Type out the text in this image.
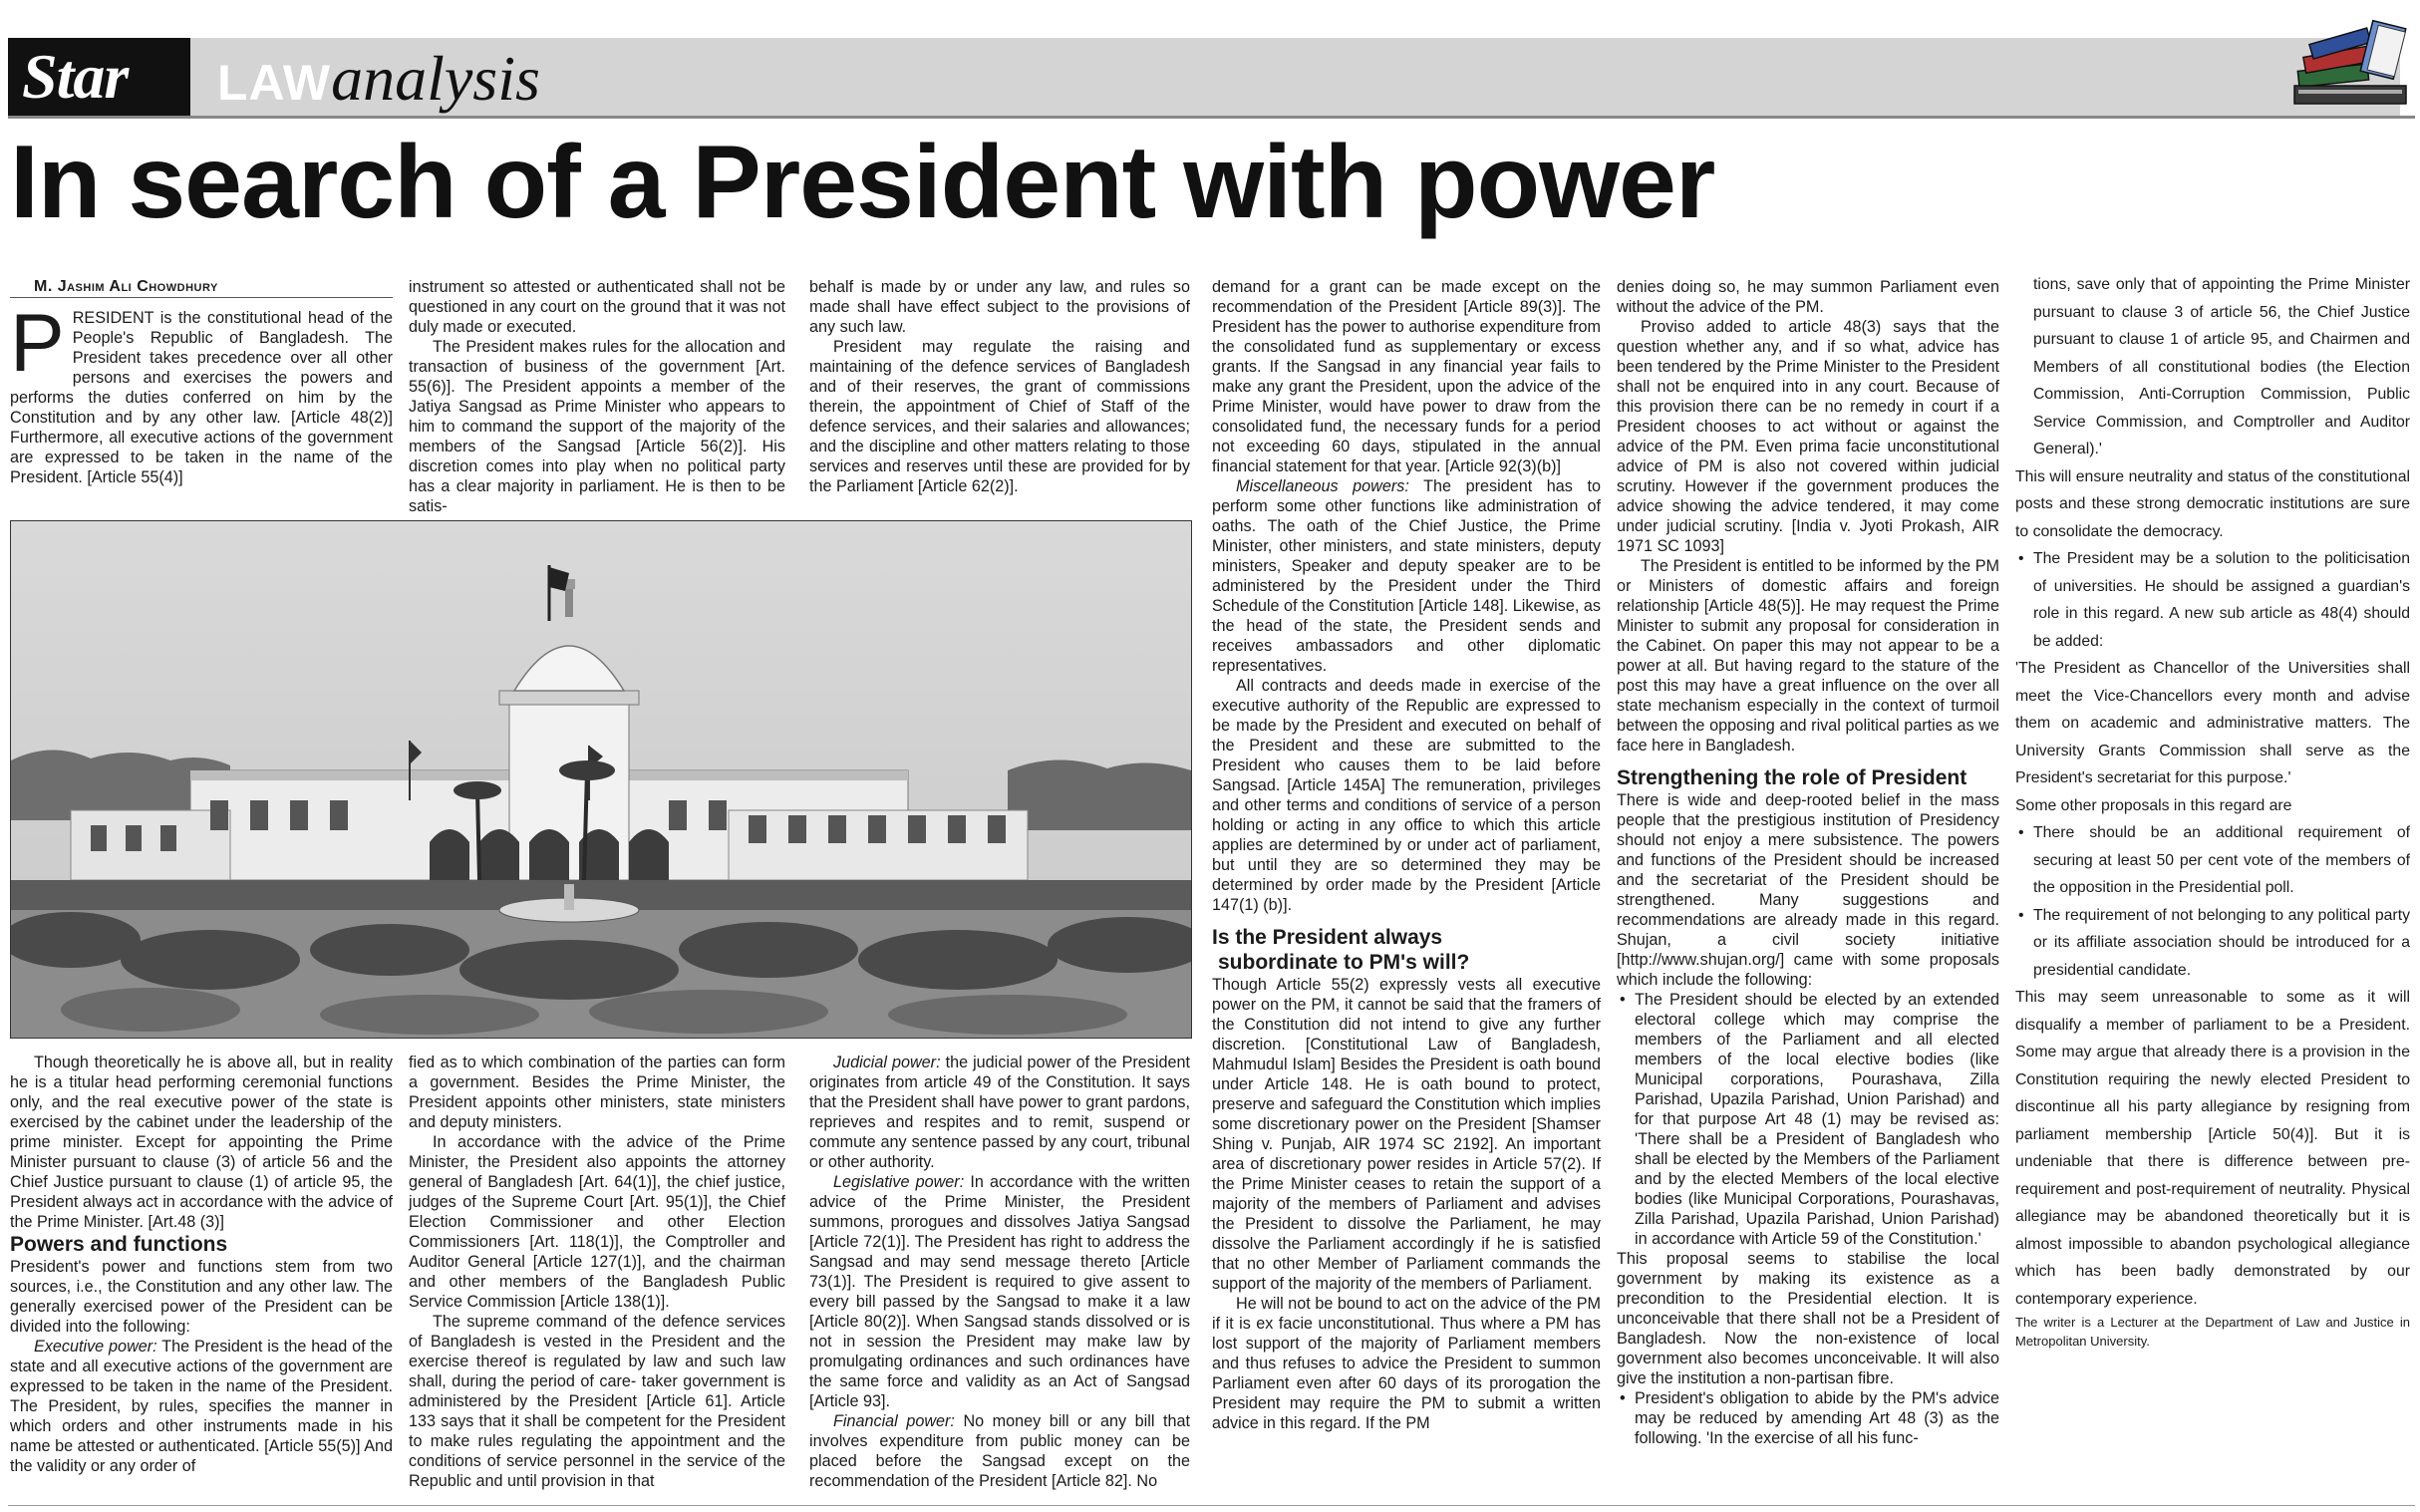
Star LAW analysis
In search of a President with power

M. Jashim Ali Chowdhury

PRESIDENT is the constitutional head of the People's Republic of Bangladesh. The President takes precedence over all other persons and exercises the powers and performs the duties conferred on him by the Constitution and by any other law. [Article 48(2)] Furthermore, all executive actions of the government are expressed to be taken in the name of the President. [Article 55(4)]

instrument so attested or authenticated shall not be questioned in any court on the ground that it was not duly made or executed.

The President makes rules for the allocation and transaction of business of the government [Art. 55(6)]. The President appoints a member of the Jatiya Sangsad as Prime Minister who appears to him to command the support of the majority of the members of the Sangsad [Article 56(2)]. His discretion comes into play when no political party has a clear majority in parliament. He is then to be satis-

behalf is made by or under any law, and rules so made shall have effect subject to the provisions of any such law.

President may regulate the raising and maintaining of the defence services of Bangladesh and of their reserves, the grant of commissions therein, the appointment of Chief of Staff of the defence services, and their salaries and allowances; and the discipline and other matters relating to those services and reserves until these are provided for by the Parliament [Article 62(2)].

Though theoretically he is above all, but in reality he is a titular head performing ceremonial functions only, and the real executive power of the state is exercised by the cabinet under the leadership of the prime minister. Except for appointing the Prime Minister pursuant to clause (3) of article 56 and the Chief Justice pursuant to clause (1) of article 95, the President always act in accordance with the advice of the Prime Minister. [Art.48 (3)]

Powers and functions

President's power and functions stem from two sources, i.e., the Constitution and any other law. The generally exercised power of the President can be divided into the following:

Executive power: The President is the head of the state and all executive actions of the government are expressed to be taken in the name of the President. The President, by rules, specifies the manner in which orders and other instruments made in his name be attested or authenticated. [Article 55(5)] And the validity or any order of

fied as to which combination of the parties can form a government. Besides the Prime Minister, the President appoints other ministers, state ministers and deputy ministers.

In accordance with the advice of the Prime Minister, the President also appoints the attorney general of Bangladesh [Art. 64(1)], the chief justice, judges of the Supreme Court [Art. 95(1)], the Chief Election Commissioner and other Election Commissioners [Art. 118(1)], the Comptroller and Auditor General [Article 127(1)], and the chairman and other members of the Bangladesh Public Service Commission [Article 138(1)].

The supreme command of the defence services of Bangladesh is vested in the President and the exercise thereof is regulated by law and such law shall, during the period of care- taker government is administered by the President [Article 61]. Article 133 says that it shall be competent for the President to make rules regulating the appointment and the conditions of service personnel in the service of the Republic and until provision in that

Judicial power: the judicial power of the President originates from article 49 of the Constitution. It says that the President shall have power to grant pardons, reprieves and respites and to remit, suspend or commute any sentence passed by any court, tribunal or other authority.

Legislative power: In accordance with the written advice of the Prime Minister, the President summons, prorogues and dissolves Jatiya Sangsad [Article 72(1)]. The President has right to address the Sangsad and may send message thereto [Article 73(1)]. The President is required to give assent to every bill passed by the Sangsad to make it a law [Article 80(2)]. When Sangsad stands dissolved or is not in session the President may make law by promulgating ordinances and such ordinances have the same force and validity as an Act of Sangsad [Article 93].

Financial power: No money bill or any bill that involves expenditure from public money can be placed before the Sangsad except on the recommendation of the President [Article 82]. No

demand for a grant can be made except on the recommendation of the President [Article 89(3)]. The President has the power to authorise expenditure from the consolidated fund as supplementary or excess grants. If the Sangsad in any financial year fails to make any grant the President, upon the advice of the Prime Minister, would have power to draw from the consolidated fund, the necessary funds for a period not exceeding 60 days, stipulated in the annual financial statement for that year. [Article 92(3)(b)]

Miscellaneous powers: The president has to perform some other functions like administration of oaths. The oath of the Chief Justice, the Prime Minister, other ministers, and state ministers, deputy ministers, Speaker and deputy speaker are to be administered by the President under the Third Schedule of the Constitution [Article 148]. Likewise, as the head of the state, the President sends and receives ambassadors and other diplomatic representatives.

All contracts and deeds made in exercise of the executive authority of the Republic are expressed to be made by the President and executed on behalf of the President and these are submitted to the President who causes them to be laid before Sangsad. [Article 145A] The remuneration, privileges and other terms and conditions of service of a person holding or acting in any office to which this article applies are determined by or under act of parliament, but until they are so determined they may be determined by order made by the President [Article 147(1) (b)].

Is the President always
subordinate to PM's will?

Though Article 55(2) expressly vests all executive power on the PM, it cannot be said that the framers of the Constitution did not intend to give any further discretion. [Constitutional Law of Bangladesh, Mahmudul Islam] Besides the President is oath bound under Article 148. He is oath bound to protect, preserve and safeguard the Constitution which implies some discretionary power on the President [Shamser Shing v. Punjab, AIR 1974 SC 2192]. An important area of discretionary power resides in Article 57(2). If the Prime Minister ceases to retain the support of a majority of the members of Parliament and advises the President to dissolve the Parliament, he may dissolve the Parliament accordingly if he is satisfied that no other Member of Parliament commands the support of the majority of the members of Parliament.

He will not be bound to act on the advice of the PM if it is ex facie unconstitutional. Thus where a PM has lost support of the majority of Parliament members and thus refuses to advice the President to summon Parliament even after 60 days of its prorogation the President may require the PM to submit a written advice in this regard. If the PM

denies doing so, he may summon Parliament even without the advice of the PM.

Proviso added to article 48(3) says that the question whether any, and if so what, advice has been tendered by the Prime Minister to the President shall not be enquired into in any court. Because of this provision there can be no remedy in court if a President chooses to act without or against the advice of the PM. Even prima facie unconstitutional advice of PM is also not covered within judicial scrutiny. However if the government produces the advice showing the advice tendered, it may come under judicial scrutiny. [India v. Jyoti Prokash, AIR 1971 SC 1093]

The President is entitled to be informed by the PM or Ministers of domestic affairs and foreign relationship [Article 48(5)]. He may request the Prime Minister to submit any proposal for consideration in the Cabinet. On paper this may not appear to be a power at all. But having regard to the stature of the post this may have a great influence on the over all state mechanism especially in the context of turmoil between the opposing and rival political parties as we face here in Bangladesh.

Strengthening the role of President

There is wide and deep-rooted belief in the mass people that the prestigious institution of Presidency should not enjoy a mere subsistence. The powers and functions of the President should be increased and the secretariat of the President should be strengthened. Many suggestions and recommendations are already made in this regard. Shujan, a civil society initiative [http://www.shujan.org/] came with some proposals which include the following:

• The President should be elected by an extended electoral college which may comprise the members of the Parliament and all elected members of the local elective bodies (like Municipal corporations, Pourashava, Zilla Parishad, Upazila Parishad, Union Parishad) and for that purpose Art 48 (1) may be revised as: 'There shall be a President of Bangladesh who shall be elected by the Members of the Parliament and by the elected Members of the local elective bodies (like Municipal Corporations, Pourashavas, Zilla Parishad, Upazila Parishad, Union Parishad) in accordance with Article 59 of the Constitution.'

This proposal seems to stabilise the local government by making its existence as a precondition to the Presidential election. It is unconceivable that there shall not be a President of Bangladesh. Now the non-existence of local government also becomes unconceivable. It will also give the institution a non-partisan fibre.

• President's obligation to abide by the PM's advice may be reduced by amending Art 48 (3) as the following. 'In the exercise of all his func-
tions, save only that of appointing the Prime Minister pursuant to clause 3 of article 56, the Chief Justice pursuant to clause 1 of article 95, and Chairmen and Members of all constitutional bodies (the Election Commission, Anti-Corruption Commission, Public Service Commission, and Comptroller and Auditor General).'

This will ensure neutrality and status of the constitutional posts and these strong democratic institutions are sure to consolidate the democracy.

• The President may be a solution to the politicisation of universities. He should be assigned a guardian's role in this regard. A new sub article as 48(4) should be added:

'The President as Chancellor of the Universities shall meet the Vice-Chancellors every month and advise them on academic and administrative matters. The University Grants Commission shall serve as the President's secretariat for this purpose.'

Some other proposals in this regard are

• There should be an additional requirement of securing at least 50 per cent vote of the members of the opposition in the Presidential poll.
• The requirement of not belonging to any political party or its affiliate association should be introduced for a presidential candidate.

This may seem unreasonable to some as it will disqualify a member of parliament to be a President. Some may argue that already there is a provision in the Constitution requiring the newly elected President to discontinue all his party allegiance by resigning from parliament membership [Article 50(4)]. But it is undeniable that there is difference between pre-requirement and post-requirement of neutrality. Physical allegiance may be abandoned theoretically but it is almost impossible to abandon psychological allegiance which has been badly demonstrated by our contemporary experience.

The writer is a Lecturer at the Department of Law and Justice in Metropolitan University.
